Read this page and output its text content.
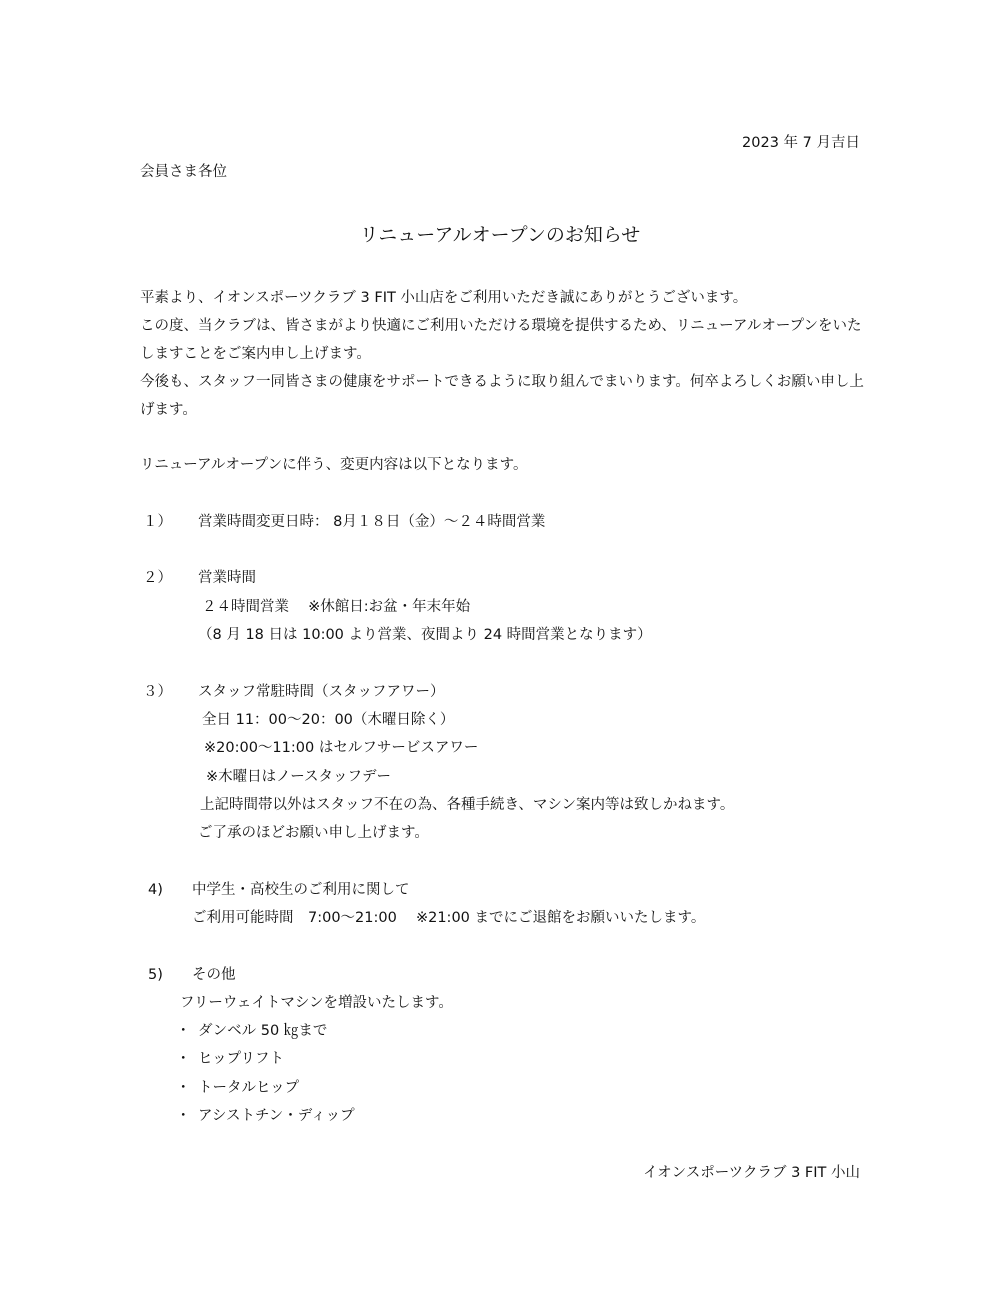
2023 年 7 月吉日
会員さま各位
リニューアルオープンのお知らせ

平素より、イオンスポーツクラブ 3 FIT 小山店をご利用いただき誠にありがとうございます。

この度、当クラブは、皆さまがより快適にご利用いただける環境を提供するため、リニューアルオープンをいたしますことをご案内申し上げます。

今後も、スタッフ一同皆さまの健康をサポートできるように取り組んでまいります。何卒よろしくお願い申し上げます。

リニューアルオープンに伴う、変更内容は以下となります。
１） 営業時間変更日時： 8月１８日（金）～２４時間営業
２） 営業時間
２４時間営業　 ※休館日:お盆・年末年始
（8 月 18 日は 10:00 より営業、夜間より 24 時間営業となります）
３） スタッフ常駐時間（スタッフアワー）
全日 11：00～20：00（木曜日除く）
※20:00～11:00 はセルフサービスアワー
※木曜日はノースタッフデー
上記時間帯以外はスタッフ不在の為、各種手続き、マシン案内等は致しかねます。
ご了承のほどお願い申し上げます。
4) 中学生・高校生のご利用に関して
ご利用可能時間　7:00～21:00　 ※21:00 までにご退館をお願いいたします。
5) その他
フリーウェイトマシンを増設いたします。
・ ダンベル 50 ㎏まで
・ ヒップリフト
・ トータルヒップ
・ アシストチン・ディップ
イオンスポーツクラブ 3 FIT 小山
